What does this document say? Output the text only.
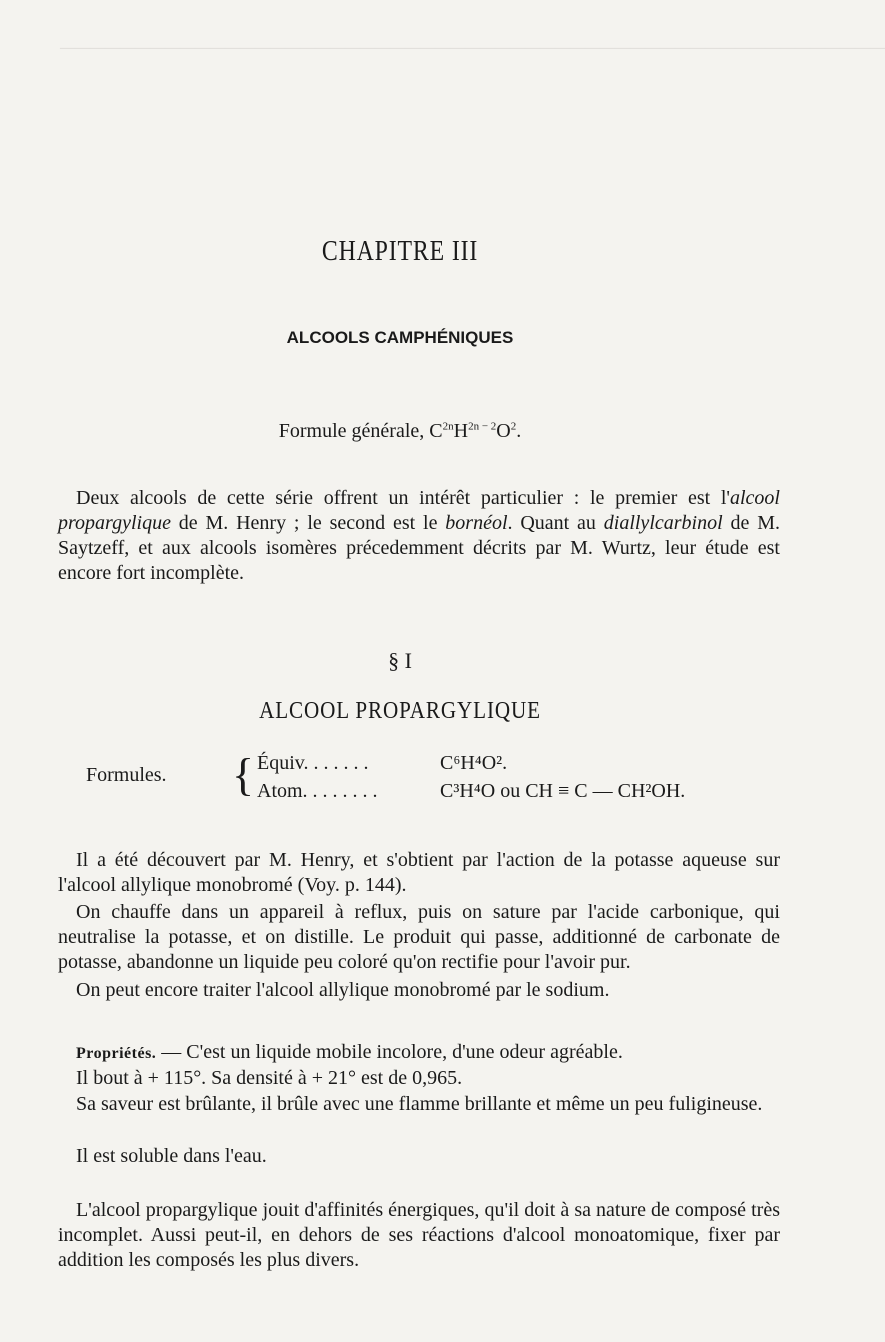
―――――――――――――――――――――――――――――――――――――――――――――――――――――――
CHAPITRE III
ALCOOLS CAMPHÉNIQUES
Formule générale, $C^{2n}H^{2n - 2}O^2$.
Deux alcools de cette série offrent un intérêt particulier : le premier est l'alcool propargylique de M. Henry ; le second est le bornéol. Quant au diallylcarbinol de M. Saytzeff, et aux alcools isomères précedemment décrits par M. Wurtz, leur étude est encore fort incomplète.
§ I
ALCOOL PROPARGYLIQUE
Formules. { Équiv. . . . . . .	C⁶H⁴O².
Atom. . . . . . . .	C³H⁴O ou CH ≡ C — CH²OH.
Il a été découvert par M. Henry, et s'obtient par l'action de la potasse aqueuse sur l'alcool allylique monobromé (Voy. p. 144).
On chauffe dans un appareil à reflux, puis on sature par l'acide carbonique, qui neutralise la potasse, et on distille. Le produit qui passe, additionné de carbonate de potasse, abandonne un liquide peu coloré qu'on rectifie pour l'avoir pur.
On peut encore traiter l'alcool allylique monobromé par le sodium.
Propriétés. — C'est un liquide mobile incolore, d'une odeur agréable.
Il bout à + 115°. Sa densité à + 21° est de 0,965.
Sa saveur est brûlante, il brûle avec une flamme brillante et même un peu fuligineuse.
Il est soluble dans l'eau.
L'alcool propargylique jouit d'affinités énergiques, qu'il doit à sa nature de composé très incomplet. Aussi peut-il, en dehors de ses réactions d'alcool monoatomique, fixer par addition les composés les plus divers.
